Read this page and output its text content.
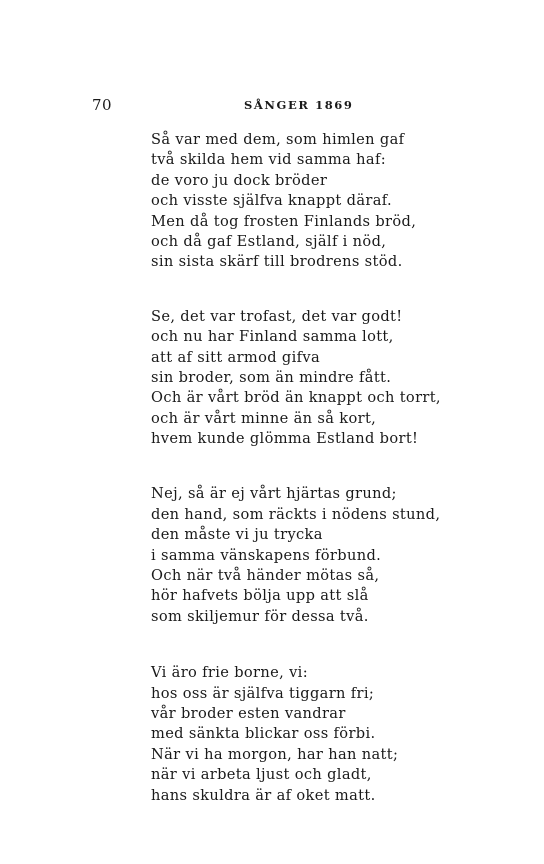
70	SÅNGER 1869
Så var med dem, som himlen gaf
två skilda hem vid samma haf:
de voro ju dock bröder
och visste själfva knappt däraf.
Men då tog frosten Finlands bröd,
och då gaf Estland, själf i nöd,
sin sista skärf till brodrens stöd.
Se, det var trofast, det var godt!
och nu har Finland samma lott,
att af sitt armod gifva
sin broder, som än mindre fått.
Och är vårt bröd än knappt och torrt,
och är vårt minne än så kort,
hvem kunde glömma Estland bort!
Nej, så är ej vårt hjärtas grund;
den hand, som räckts i nödens stund,
den måste vi ju trycka
i samma vänskapens förbund.
Och när två händer mötas så,
hör hafvets bölja upp att slå
som skiljemur för dessa två.
Vi äro frie borne, vi:
hos oss är själfva tiggarn fri;
vår broder esten vandrar
med sänkta blickar oss förbi.
När vi ha morgon, har han natt;
när vi arbeta ljust och gladt,
hans skuldra är af oket matt.
